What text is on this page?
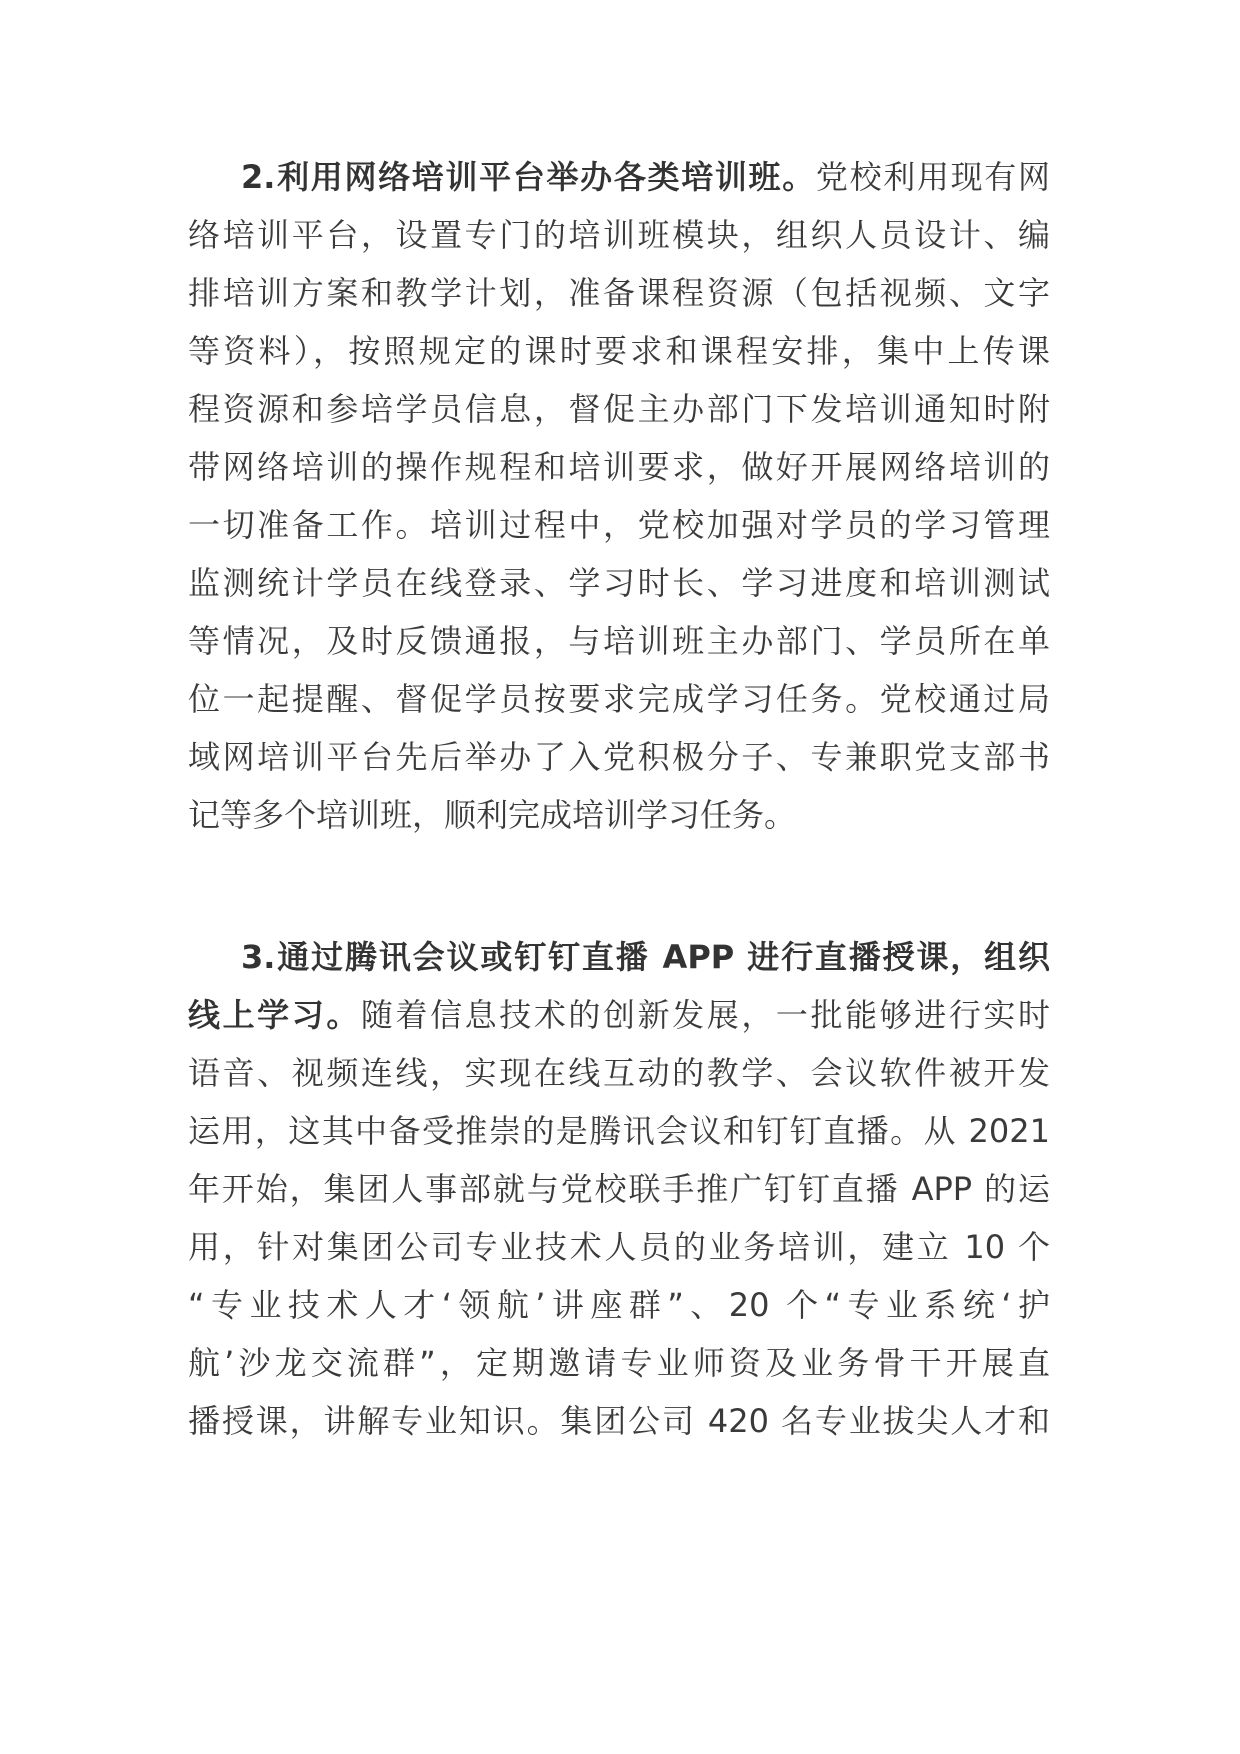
2.利用网络培训平台举办各类培训班。党校利用现有网
络培训平台，设置专门的培训班模块，组织人员设计、编
排培训方案和教学计划，准备课程资源（包括视频、文字
等资料），按照规定的课时要求和课程安排，集中上传课
程资源和参培学员信息，督促主办部门下发培训通知时附
带网络培训的操作规程和培训要求，做好开展网络培训的
一切准备工作。培训过程中，党校加强对学员的学习管理
监测统计学员在线登录、学习时长、学习进度和培训测试
等情况，及时反馈通报，与培训班主办部门、学员所在单
位一起提醒、督促学员按要求完成学习任务。党校通过局
域网培训平台先后举办了入党积极分子、专兼职党支部书
记等多个培训班，顺利完成培训学习任务。
3.通过腾讯会议或钉钉直播 APP 进行直播授课，组织
线上学习。随着信息技术的创新发展，一批能够进行实时
语音、视频连线，实现在线互动的教学、会议软件被开发
运用，这其中备受推崇的是腾讯会议和钉钉直播。从 2021
年开始，集团人事部就与党校联手推广钉钉直播 APP 的运
用，针对集团公司专业技术人员的业务培训，建立 10 个
“专业技术人才‘领航’讲座群”、20 个“专业系统‘护
航’沙龙交流群”，定期邀请专业师资及业务骨干开展直
播授课，讲解专业知识。集团公司 420 名专业拔尖人才和
